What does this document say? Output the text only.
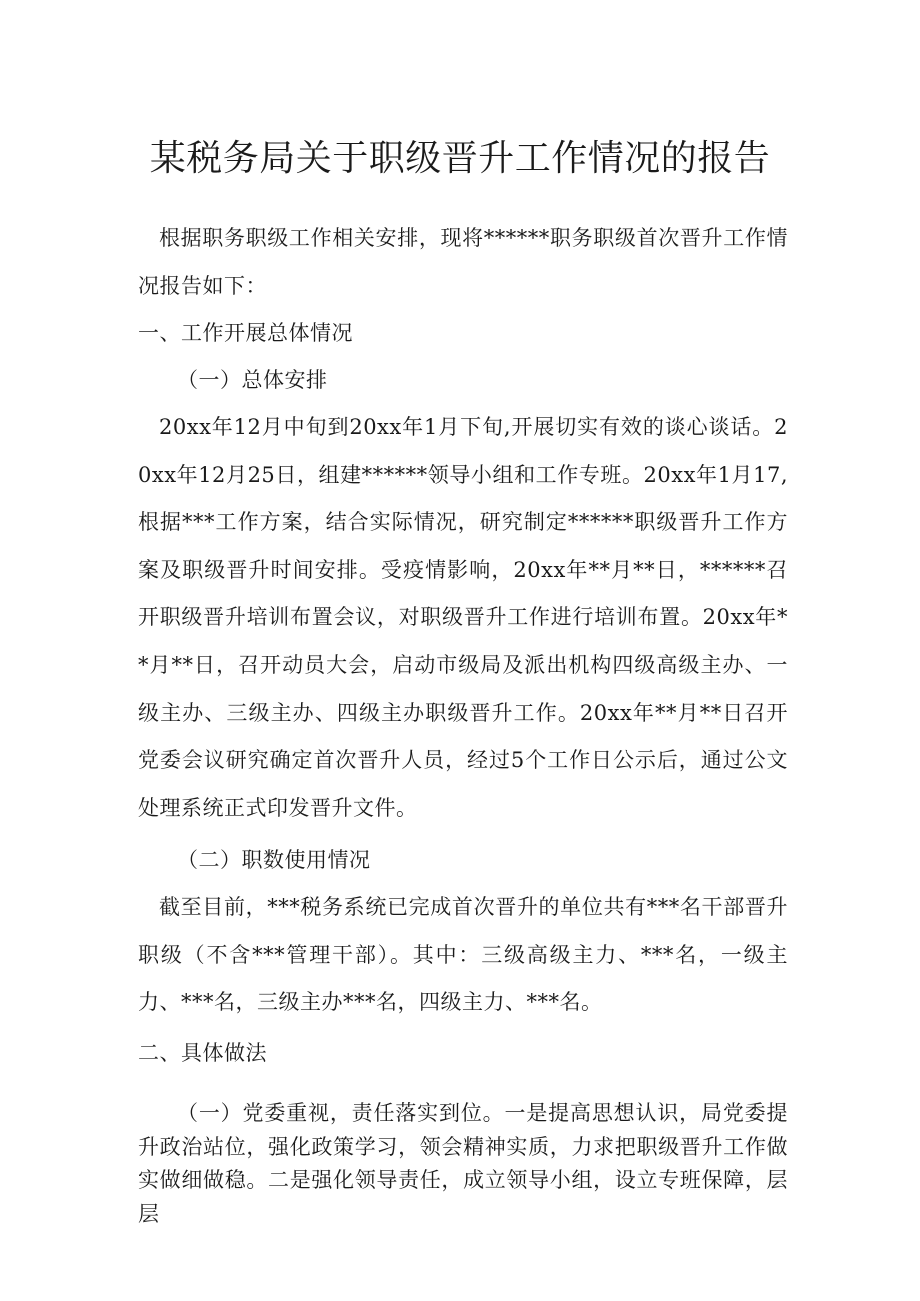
某税务局关于职级晋升工作情况的报告

根据职务职级工作相关安排，现将******职务职级首次晋升工作情况报告如下：

一、工作开展总体情况

（一）总体安排

20xx年12月中旬到20xx年1月下旬,开展切实有效的谈心谈话。20xx年12月25日，组建******领导小组和工作专班。20xx年1月17,根据***工作方案，结合实际情况，研究制定******职级晋升工作方案及职级晋升时间安排。受疫情影响，20xx年**月**日，******召开职级晋升培训布置会议，对职级晋升工作进行培训布置。20xx年**月**日，召开动员大会，启动市级局及派出机构四级高级主办、一级主办、三级主办、四级主办职级晋升工作。20xx年**月**日召开党委会议研究确定首次晋升人员，经过5个工作日公示后，通过公文处理系统正式印发晋升文件。

（二）职数使用情况

截至目前，***税务系统已完成首次晋升的单位共有***名干部晋升职级（不含***管理干部）。其中：三级高级主力、***名，一级主力、***名，三级主办***名，四级主力、***名。

二、具体做法

（一）党委重视，责任落实到位。一是提高思想认识，局党委提升政治站位，强化政策学习，领会精神实质，力求把职级晋升工作做实做细做稳。二是强化领导责任，成立领导小组，设立专班保障，层层
